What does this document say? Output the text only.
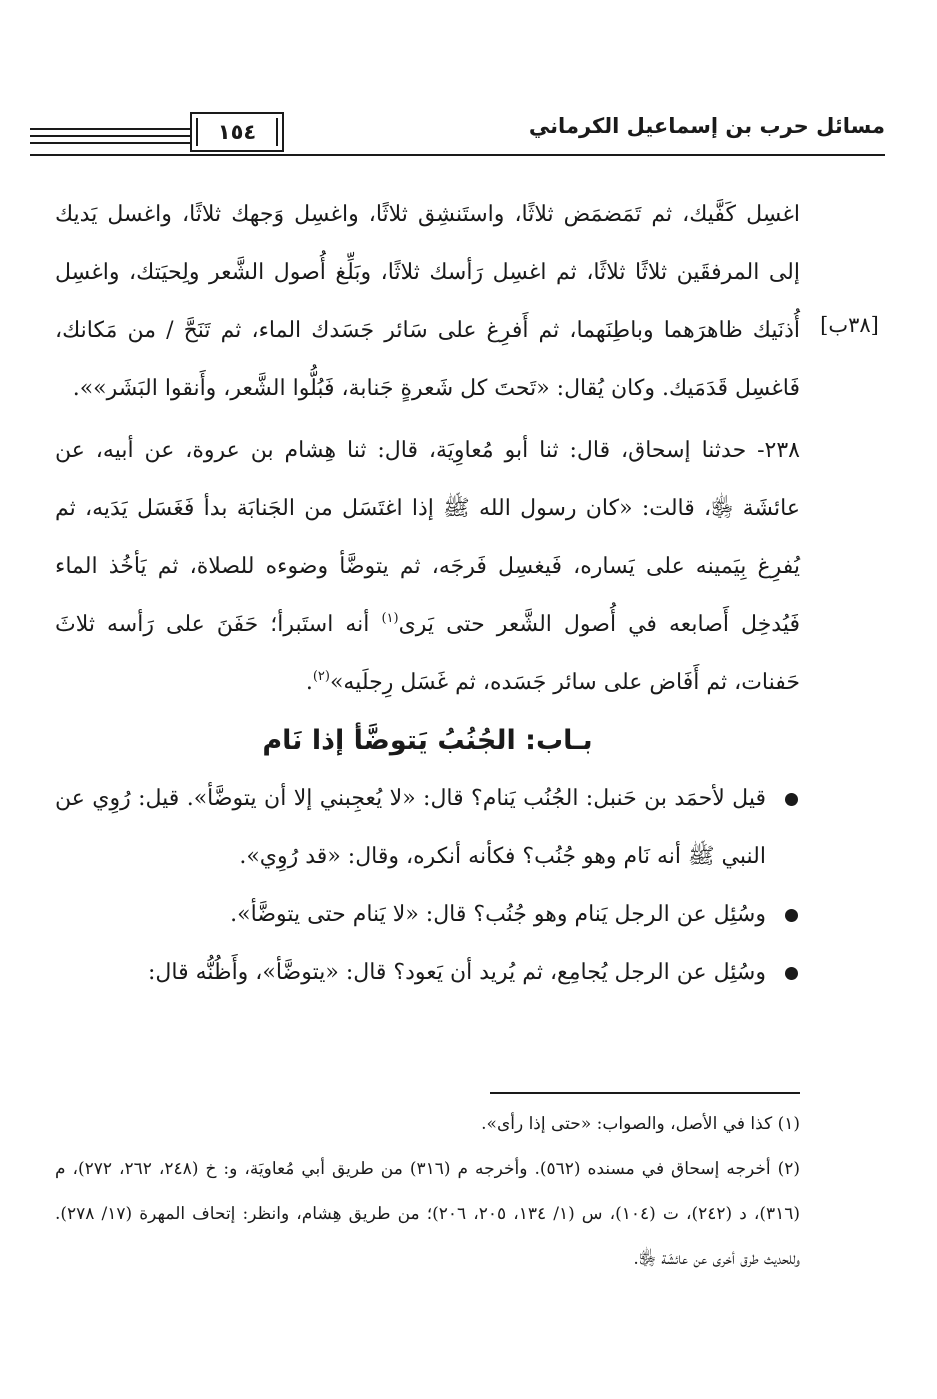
مسائل حرب بن إسماعيل الكرماني
١٥٤
[٣٨ب]

اغسِل كَفَّيك، ثم تَمَضمَض ثلاثًا، واستَنشِق ثلاثًا، واغسِل وَجهك ثلاثًا، واغسل يَديك إلى المرفقَين ثلاثًا ثلاثًا، ثم اغسِل رَأسك ثلاثًا، وبَلِّغ أُصول الشَّعر ولِحيَتك، واغسِل أُذنَيك ظاهرَهما وباطِنَهما، ثم أَفرِغ على سَائر جَسَدك الماء، ثم تَنَحَّ / من مَكانك، فَاغسِل قَدَمَيك. وكان يُقال: «تَحتَ كل شَعرةٍ جَنابة، فَبُلُّوا الشَّعر، وأَنقوا البَشَر»».

٢٣٨- حدثنا إسحاق، قال: ثنا أبو مُعاوِيَة، قال: ثنا هِشام بن عروة، عن أبيه، عن عائشَة ﵂، قالت: «كان رسول الله ﷺ إذا اغتَسَل من الجَنابَة بدأ فَغَسَل يَدَيه، ثم يُفرِغ بِيَمينه على يَساره، فَيغسِل فَرجَه، ثم يتوضَّأ وضوءه للصلاة، ثم يَأخُذ الماء فَيُدخِل أَصابعه في أُصول الشَّعر حتى يَرى$^{(١)}$ أنه استَبرأ؛ حَفَنَ على رَأسه ثلاثَ حَفنات، ثم أَفَاض على سائر جَسَده، ثم غَسَل رِجلَيه»$^{(٢)}$.

بـاب: الجُنُبُ يَتوضَّأ إذا نَام
قيل لأحمَد بن حَنبل: الجُنُب يَنام؟ قال: «لا يُعجِبني إلا أن يتوضَّأ». قيل: رُوِي عن النبي ﷺ أنه نَام وهو جُنُب؟ فكأنه أنكره، وقال: «قد رُوِي».
وسُئِل عن الرجل يَنام وهو جُنُب؟ قال: «لا يَنام حتى يتوضَّأ».
وسُئِل عن الرجل يُجامِع، ثم يُريد أن يَعود؟ قال: «يتوضَّأ»، وأَظُنُّه قال:

(١) كذا في الأصل، والصواب: «حتى إذا رأى».

(٢) أخرجه إسحاق في مسنده (٥٦٢). وأخرجه م (٣١٦) من طريق أبي مُعاويَة، و: خ (٢٤٨، ٢٦٢، ٢٧٢)، م (٣١٦)، د (٢٤٢)، ت (١٠٤)، س (١/ ١٣٤، ٢٠٥، ٢٠٦)؛ من طريق هِشام، وانظر: إتحاف المهرة (١٧/ ٢٧٨). وللحديث طرق أخرى عن عائشَة ﵂.
